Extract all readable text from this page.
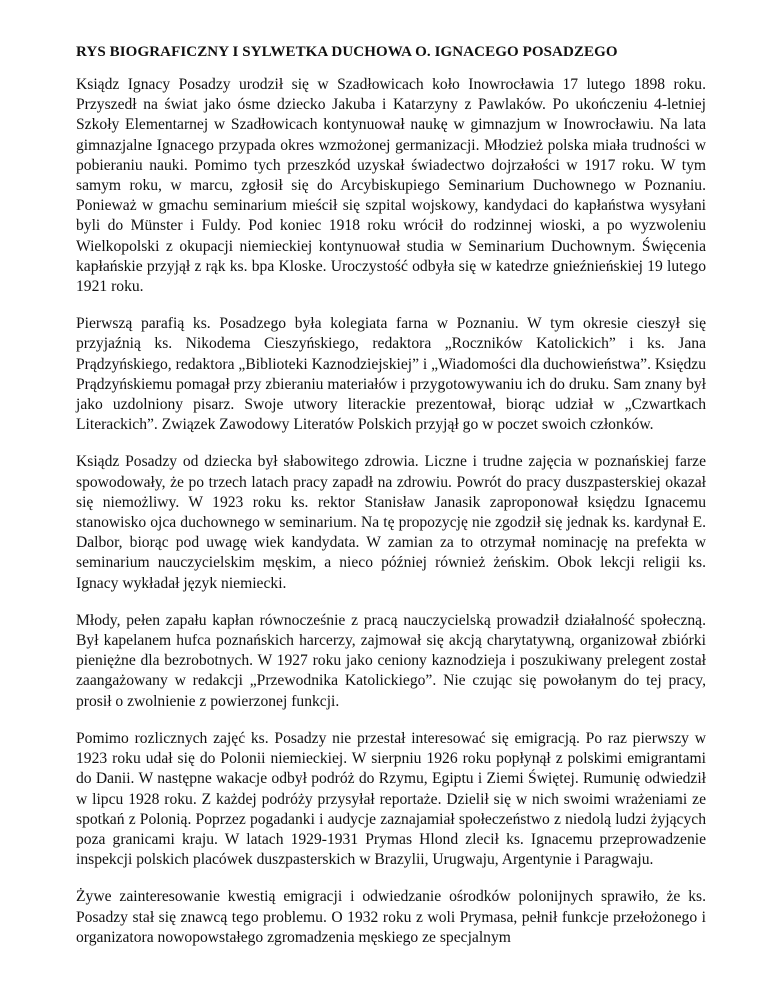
RYS BIOGRAFICZNY I SYLWETKA DUCHOWA O. IGNACEGO POSADZEGO

Ksiądz Ignacy Posadzy urodził się w Szadłowicach koło Inowrocławia 17 lutego 1898 roku. Przyszedł na świat jako ósme dziecko Jakuba i Katarzyny z Pawlaków. Po ukończeniu 4-letniej Szkoły Elementarnej w Szadłowicach kontynuował naukę w gimnazjum w Inowrocławiu. Na lata gimnazjalne Ignacego przypada okres wzmożonej germanizacji. Młodzież polska miała trudności w pobieraniu nauki. Pomimo tych przeszkód uzyskał świadectwo dojrzałości w 1917 roku. W tym samym roku, w marcu, zgłosił się do Arcybiskupiego Seminarium Duchownego w Poznaniu. Ponieważ w gmachu seminarium mieścił się szpital wojskowy, kandydaci do kapłaństwa wysyłani byli do Münster i Fuldy. Pod koniec 1918 roku wrócił do rodzinnej wioski, a po wyzwoleniu Wielkopolski z okupacji niemieckiej kontynuował studia w Seminarium Duchownym. Święcenia kapłańskie przyjął z rąk ks. bpa Kloske. Uroczystość odbyła się w katedrze gnieźnieńskiej 19 lutego 1921 roku.

Pierwszą parafią ks. Posadzego była kolegiata farna w Poznaniu. W tym okresie cieszył się przyjaźnią ks. Nikodema Cieszyńskiego, redaktora „Roczników Katolickich” i ks. Jana Prądzyńskiego, redaktora „Biblioteki Kaznodziejskiej” i „Wiadomości dla duchowieństwa”. Księdzu Prądzyńskiemu pomagał przy zbieraniu materiałów i przygotowywaniu ich do druku. Sam znany był jako uzdolniony pisarz. Swoje utwory literackie prezentował, biorąc udział w „Czwartkach Literackich”. Związek Zawodowy Literatów Polskich przyjął go w poczet swoich członków.

Ksiądz Posadzy od dziecka był słabowitego zdrowia. Liczne i trudne zajęcia w poznańskiej farze spowodowały, że po trzech latach pracy zapadł na zdrowiu. Powrót do pracy duszpasterskiej okazał się niemożliwy. W 1923 roku ks. rektor Stanisław Janasik zaproponował księdzu Ignacemu stanowisko ojca duchownego w seminarium. Na tę propozycję nie zgodził się jednak ks. kardynał E. Dalbor, biorąc pod uwagę wiek kandydata. W zamian za to otrzymał nominację na prefekta w seminarium nauczycielskim męskim, a nieco później również żeńskim. Obok lekcji religii ks. Ignacy wykładał język niemiecki.

Młody, pełen zapału kapłan równocześnie z pracą nauczycielską prowadził działalność społeczną. Był kapelanem hufca poznańskich harcerzy, zajmował się akcją charytatywną, organizował zbiórki pieniężne dla bezrobotnych. W 1927 roku jako ceniony kaznodzieja i poszukiwany prelegent został zaangażowany w redakcji „Przewodnika Katolickiego”. Nie czując się powołanym do tej pracy, prosił o zwolnienie z powierzonej funkcji.

Pomimo rozlicznych zajęć ks. Posadzy nie przestał interesować się emigracją. Po raz pierwszy w 1923 roku udał się do Polonii niemieckiej. W sierpniu 1926 roku popłynął z polskimi emigrantami do Danii. W następne wakacje odbył podróż do Rzymu, Egiptu i Ziemi Świętej. Rumunię odwiedził w lipcu 1928 roku. Z każdej podróży przysyłał reportaże. Dzielił się w nich swoimi wrażeniami ze spotkań z Polonią. Poprzez pogadanki i audycje zaznajamiał społeczeństwo z niedolą ludzi żyjących poza granicami kraju. W latach 1929-1931 Prymas Hlond zlecił ks. Ignacemu przeprowadzenie inspekcji polskich placówek duszpasterskich w Brazylii, Urugwaju, Argentynie i Paragwaju.

Żywe zainteresowanie kwestią emigracji i odwiedzanie ośrodków polonijnych sprawiło, że ks. Posadzy stał się znawcą tego problemu. O 1932 roku z woli Prymasa, pełnił funkcje przełożonego i organizatora nowopowstałego zgromadzenia męskiego ze specjalnym
